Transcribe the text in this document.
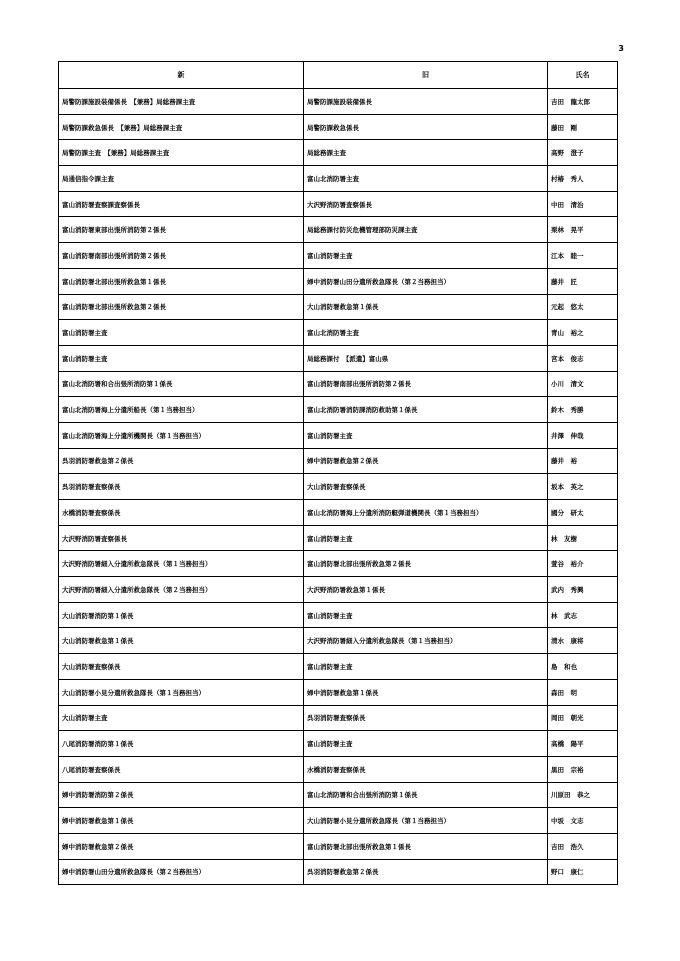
3
新	旧	氏名
局警防課施設装備係長　【兼務】局総務課主査	局警防課施設装備係長	吉田　龍太郎
局警防課救急係長　【兼務】局総務課主査	局警防課救急係長	藤田　剛
局警防課主査　【兼務】局総務課主査	局総務課主査	高野　澄子
局通信指令課主査	富山北消防署主査	村椿　秀人
富山消防署査察課査察係長	大沢野消防署査察係長	中田　清治
富山消防署東部出張所消防第２係長	局総務課付防災危機管理部防災課主査	栗林　晃平
富山消防署南部出張所消防第２係長	富山消防署主査	江本　睦一
富山消防署北部出張所救急第１係長	婦中消防署山田分遣所救急隊長（第２当務担当）	藤井　匠
富山消防署北部出張所救急第２係長	大山消防署救急第１係長	元起　悠太
富山消防署主査	富山北消防署主査	青山　裕之
富山消防署主査	局総務課付　【派遣】富山県	宮本　俊志
富山北消防署和合出張所消防第１係長	富山消防署南部出張所消防第２係長	小川　清文
富山北消防署海上分遣所船長（第１当務担当）	富山北消防署消防課消防救助第１係長	鈴木　秀勝
富山北消防署海上分遣所機関長（第１当務担当）	富山消防署主査	井澤　伸哉
呉羽消防署救急第２係長	婦中消防署救急第２係長	藤井　裕
呉羽消防署査察係長	大山消防署査察係長	坂本　英之
水橋消防署査察係長	富山北消防署海上分遣所消防艇弾道機関長（第１当務担当）	國分　研太
大沢野消防署査察係長	富山消防署主査	林　友樹
大沢野消防署細入分遣所救急隊長（第１当務担当）	富山消防署北部出張所救急第２係長	萱谷　裕介
大沢野消防署細入分遣所救急隊長（第２当務担当）	大沢野消防署救急第１係長	武内　秀興
大山消防署消防第１係長	富山消防署主査	林　武志
大山消防署救急第１係長	大沢野消防署細入分遣所救急隊長（第１当務担当）	清水　康将
大山消防署査察係長	富山消防署主査	島　和也
大山消防署小見分遣所救急隊長（第１当務担当）	婦中消防署救急第１係長	森田　明
大山消防署主査	呉羽消防署査察係長	岡田　朝光
八尾消防署消防第１係長	富山消防署主査	高橋　陽平
八尾消防署査察係長	水橋消防署査察係長	黒田　宗裕
婦中消防署消防第２係長	富山北消防署和合出張所消防第１係長	川原田　恭之
婦中消防署救急第１係長	大山消防署小見分遣所救急隊長（第１当務担当）	中坂　文志
婦中消防署救急第２係長	富山消防署北部出張所救急第１係長	吉田　浩久
婦中消防署山田分遣所救急隊長（第２当務担当）	呉羽消防署救急第２係長	野口　康仁
